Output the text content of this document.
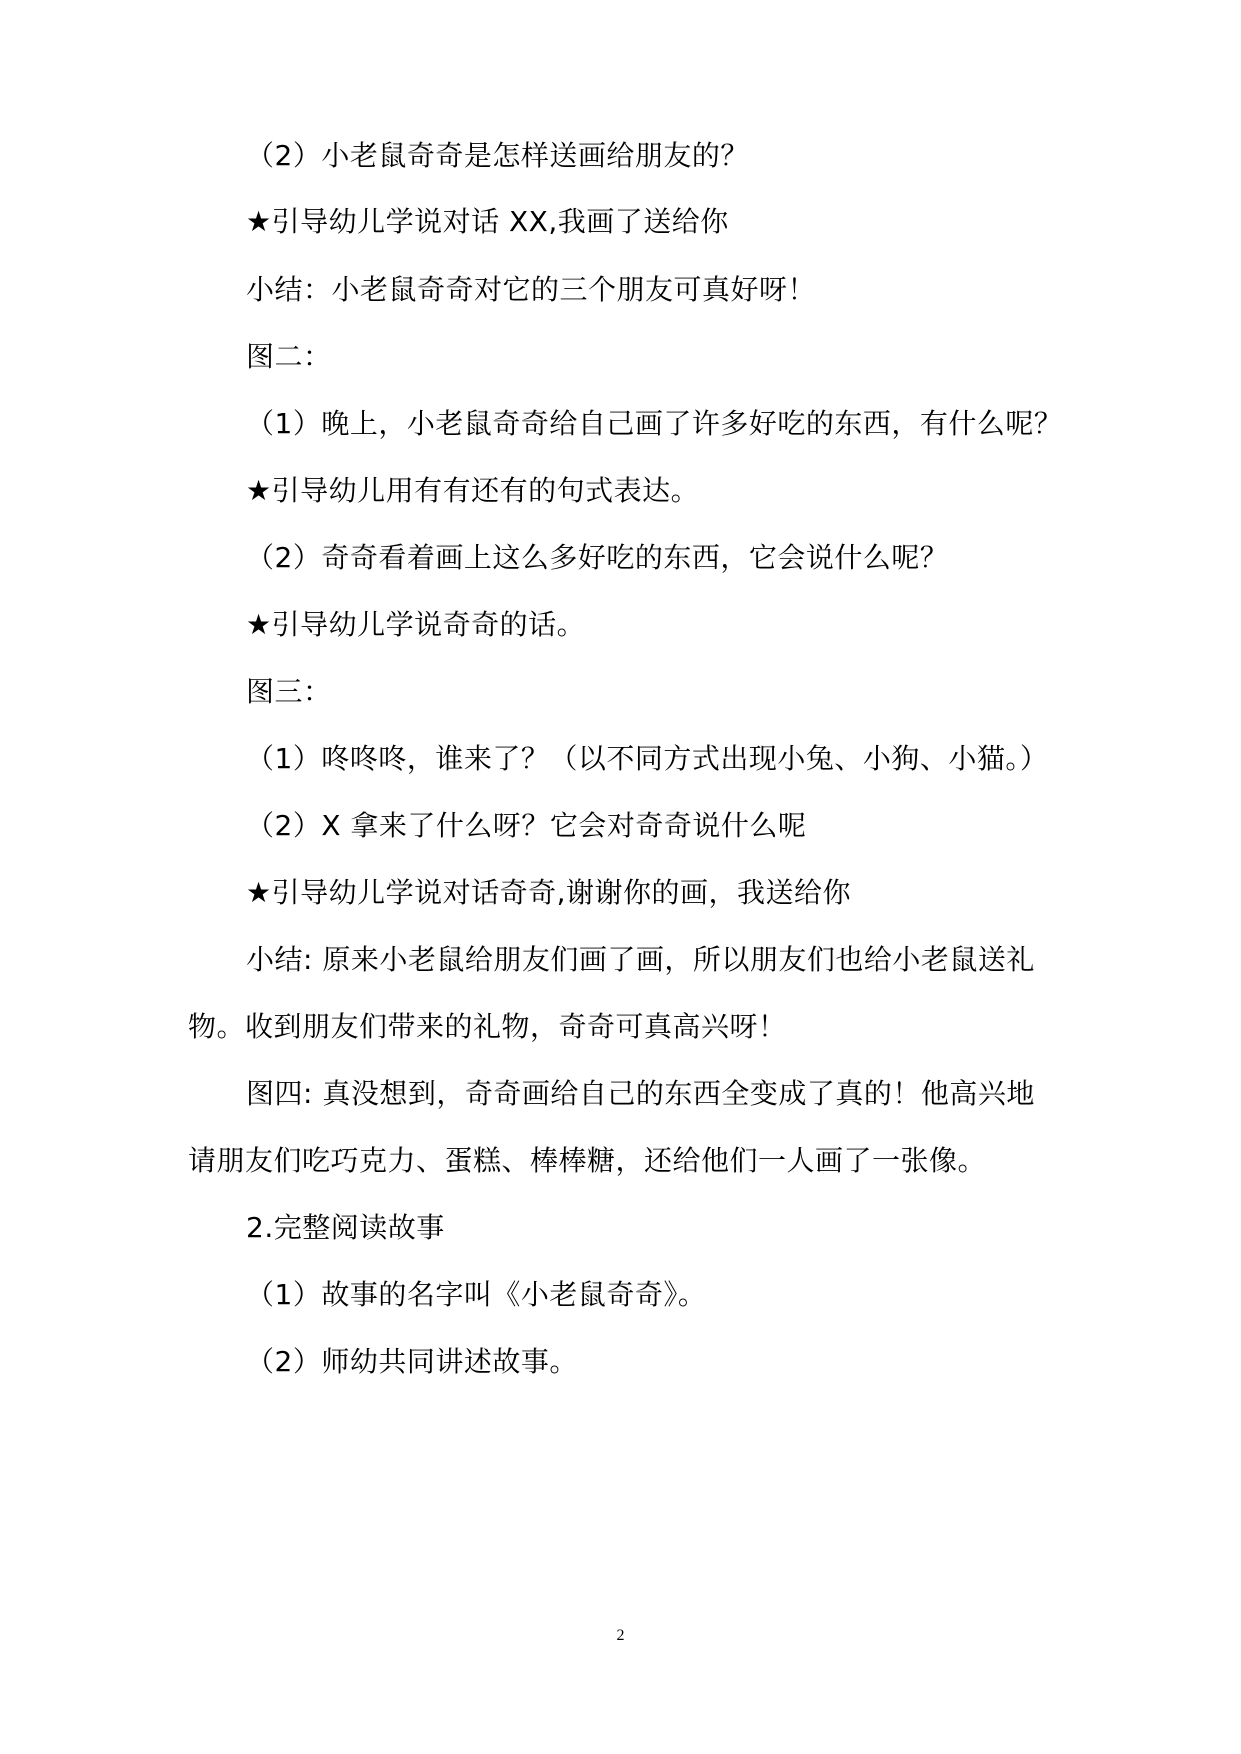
（2）小老鼠奇奇是怎样送画给朋友的？
★引导幼儿学说对话 XX,我画了送给你
小结：小老鼠奇奇对它的三个朋友可真好呀！
图二：
（1）晚上，小老鼠奇奇给自己画了许多好吃的东西，有什么呢？
★引导幼儿用有有还有的句式表达。
（2）奇奇看着画上这么多好吃的东西，它会说什么呢？
★引导幼儿学说奇奇的话。
图三：
（1）咚咚咚，谁来了？（以不同方式出现小兔、小狗、小猫。）
（2）X 拿来了什么呀？它会对奇奇说什么呢
★引导幼儿学说对话奇奇,谢谢你的画，我送给你
小结: 原来小老鼠给朋友们画了画，所以朋友们也给小老鼠送礼
物。收到朋友们带来的礼物，奇奇可真高兴呀！
图四: 真没想到，奇奇画给自己的东西全变成了真的！他高兴地
请朋友们吃巧克力、蛋糕、棒棒糖，还给他们一人画了一张像。
2.完整阅读故事
（1）故事的名字叫《小老鼠奇奇》。
（2）师幼共同讲述故事。
2
